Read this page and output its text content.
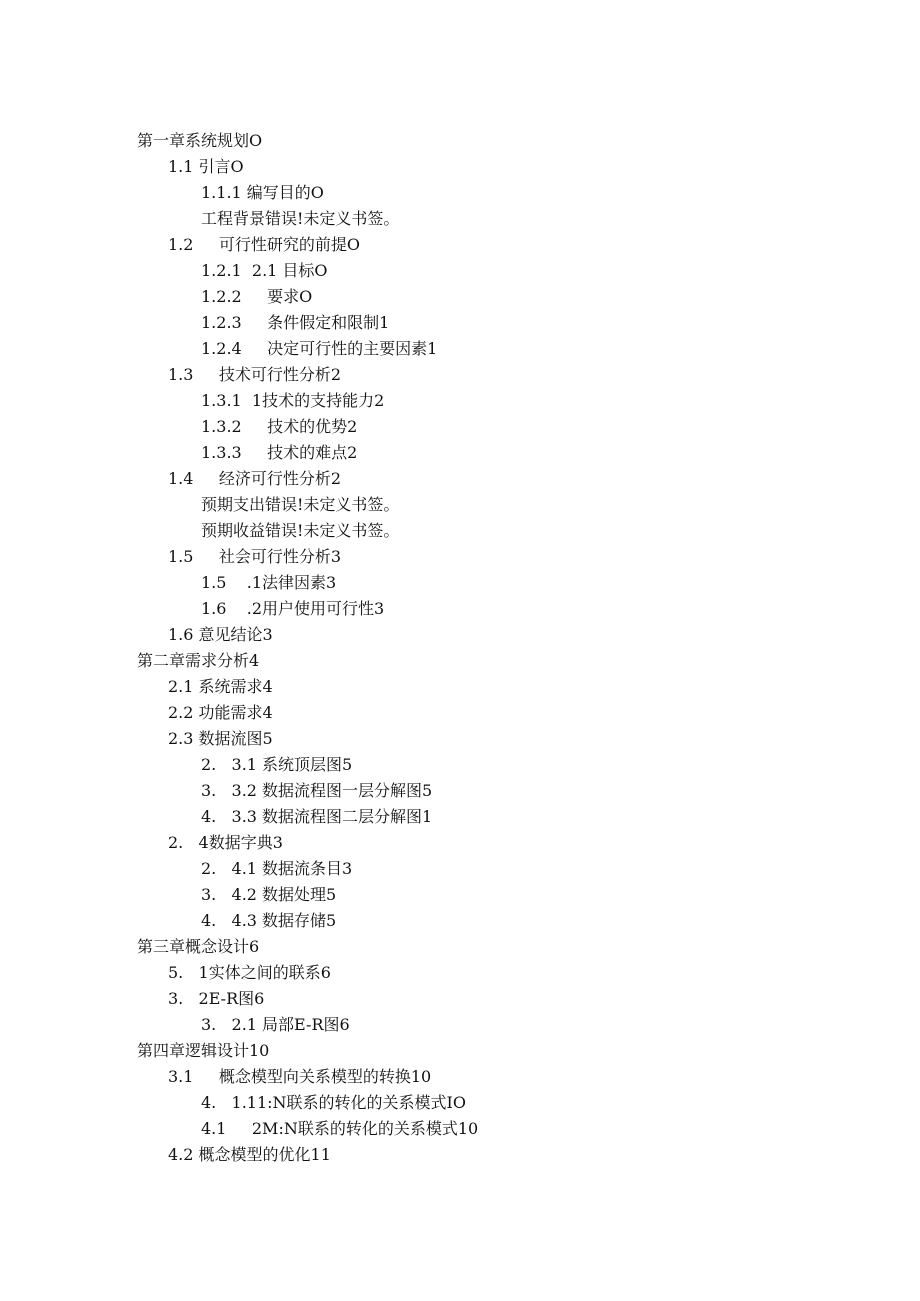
第一章系统规划O
1.1 引言O
1.1.1 编写目的O
工程背景错误!未定义书签。
1.2     可行性研究的前提O
1.2.1  2.1 目标O
1.2.2     要求O
1.2.3     条件假定和限制1
1.2.4     决定可行性的主要因素1
1.3     技术可行性分析2
1.3.1  1技术的支持能力2
1.3.2     技术的优势2
1.3.3     技术的难点2
1.4     经济可行性分析2
预期支出错误!未定义书签。
预期收益错误!未定义书签。
1.5     社会可行性分析3
1.5    .1法律因素3
1.6    .2用户使用可行性3
1.6 意见结论3
第二章需求分析4
2.1 系统需求4
2.2 功能需求4
2.3 数据流图5
2.   3.1 系统顶层图5
3.   3.2 数据流程图一层分解图5
4.   3.3 数据流程图二层分解图1
2.   4数据字典3
2.   4.1 数据流条目3
3.   4.2 数据处理5
4.   4.3 数据存储5
第三章概念设计6
5.   1实体之间的联系6
3.   2E-R图6
3.   2.1 局部E-R图6
第四章逻辑设计10
3.1     概念模型向关系模型的转换10
4.   1.11:N联系的转化的关系模式IO
4.1     2M:N联系的转化的关系模式10
4.2 概念模型的优化11
